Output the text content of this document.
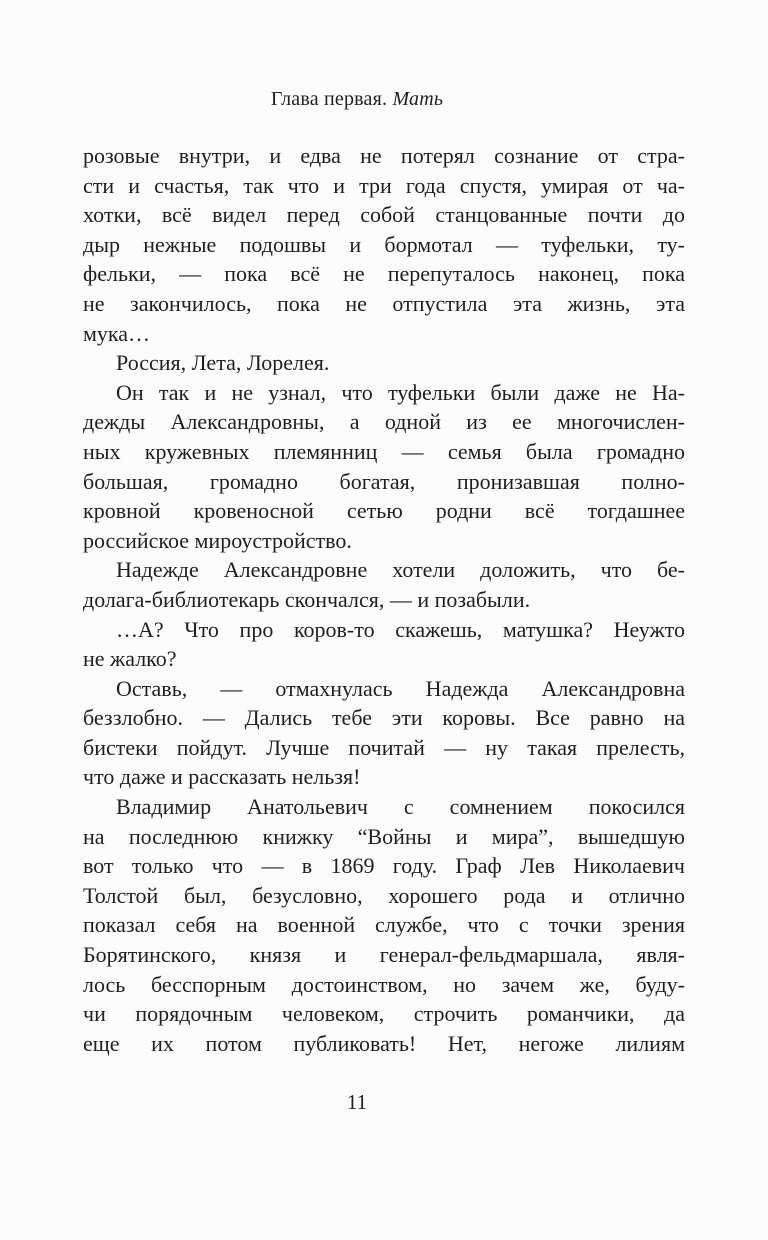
Глава первая. Мать
розовые внутри, и едва не потерял сознание от стра-
сти и счастья, так что и три года спустя, умирая от ча-
хотки, всё видел перед собой станцованные почти до
дыр нежные подошвы и бормотал — туфельки, ту-
фельки, — пока всё не перепуталось наконец, пока
не закончилось, пока не отпустила эта жизнь, эта
мука…
Россия, Лета, Лорелея.
Он так и не узнал, что туфельки были даже не На-
дежды Александровны, а одной из ее многочислен-
ных кружевных племянниц — семья была громадно
большая, громадно богатая, пронизавшая полно-
кровной кровеносной сетью родни всё тогдашнее
российское мироустройство.
Надежде Александровне хотели доложить, что бе-
долага-библиотекарь скончался, — и позабыли.
…А? Что про коров-то скажешь, матушка? Неужто
не жалко?
Оставь, — отмахнулась Надежда Александровна
беззлобно. — Дались тебе эти коровы. Все равно на
бистеки пойдут. Лучше почитай — ну такая прелесть,
что даже и рассказать нельзя!
Владимир Анатольевич с сомнением покосился
на последнюю книжку “Войны и мира”, вышедшую
вот только что — в 1869 году. Граф Лев Николаевич
Толстой был, безусловно, хорошего рода и отлично
показал себя на военной службе, что с точки зрения
Борятинского, князя и генерал-фельдмаршала, явля-
лось бесспорным достоинством, но зачем же, буду-
чи порядочным человеком, строчить романчики, да
еще их потом публиковать! Нет, негоже лилиям
11
